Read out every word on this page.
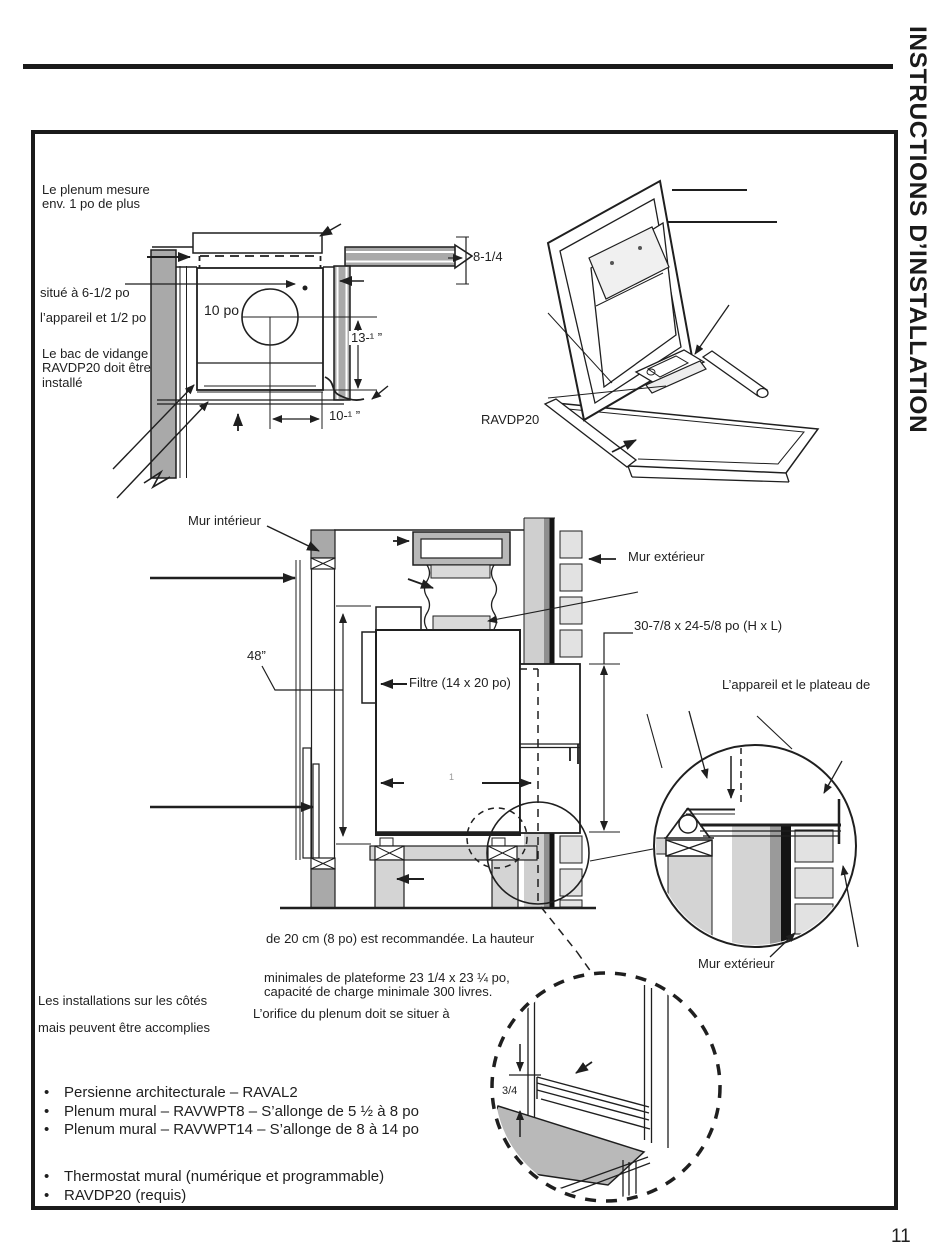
INSTRUCTIONS D’INSTALLATION
11
Le plenum mesure env. 1 po de plus
situé à 6-1/2 po
l’appareil et 1/2 po
Le bac de vidange RAVDP20 doit être installé
10 po
13-¹ ”
10-¹ ”
8-1/4
RAVDP20
Mur intérieur
Mur extérieur
30-7/8 x 24-5/8 po (H x L)
48”
Filtre (14 x 20 po)	L’appareil et le plateau de
1
Mur extérieur
3/4
de 20 cm (8 po) est recommandée. La hauteur
minimales de plateforme 23 1/4 x 23 ¼ po,
capacité de charge minimale 300 livres.
Les installations sur les côtés
L’orifice du plenum doit se situer à
mais peuvent être accomplies
• Persienne architecturale – RAVAL2
• Plenum mural – RAVWPT8 – S’allonge de 5 ½ à 8 po
• Plenum mural – RAVWPT14 – S’allonge de 8 à 14 po
• Thermostat mural (numérique et programmable)
• RAVDP20 (requis)
